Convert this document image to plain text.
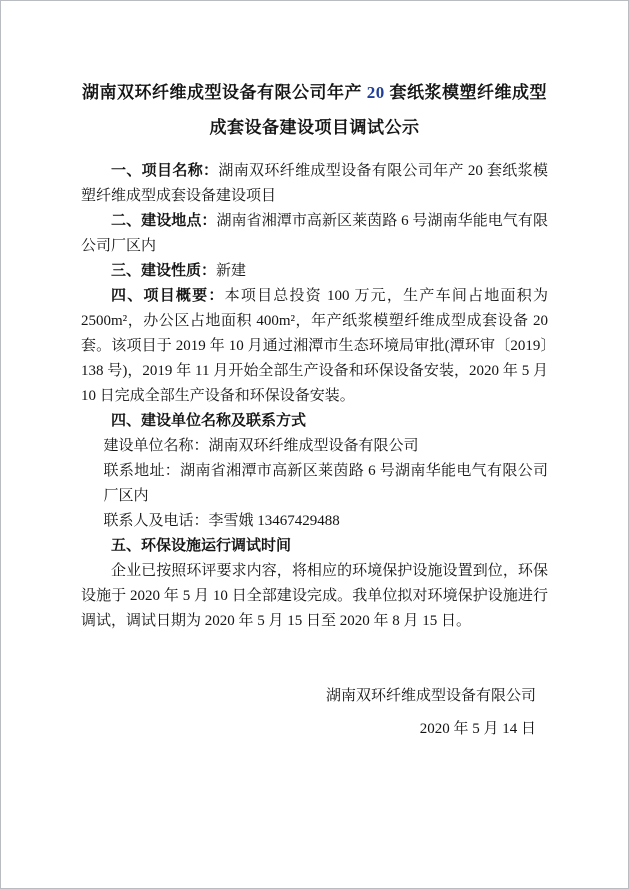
湖南双环纤维成型设备有限公司年产 20 套纸浆模塑纤维成型成套设备建设项目调试公示

一、项目名称：湖南双环纤维成型设备有限公司年产 20 套纸浆模塑纤维成型成套设备建设项目

二、建设地点：湖南省湘潭市高新区莱茵路 6 号湖南华能电气有限公司厂区内

三、建设性质：新建

四、项目概要：本项目总投资 100 万元，生产车间占地面积为 2500m²，办公区占地面积 400m²，年产纸浆模塑纤维成型成套设备 20 套。该项目于 2019 年 10 月通过湘潭市生态环境局审批(潭环审〔2019〕138 号)，2019 年 11 月开始全部生产设备和环保设备安装，2020 年 5 月 10 日完成全部生产设备和环保设备安装。

四、建设单位名称及联系方式

建设单位名称：湖南双环纤维成型设备有限公司

联系地址：湖南省湘潭市高新区莱茵路 6 号湖南华能电气有限公司厂区内

联系人及电话：李雪娥 13467429488

五、环保设施运行调试时间

企业已按照环评要求内容，将相应的环境保护设施设置到位，环保设施于 2020 年 5 月 10 日全部建设完成。我单位拟对环境保护设施进行调试，调试日期为 2020 年 5 月 15 日至 2020 年 8 月 15 日。

湖南双环纤维成型设备有限公司

2020 年 5 月 14 日
